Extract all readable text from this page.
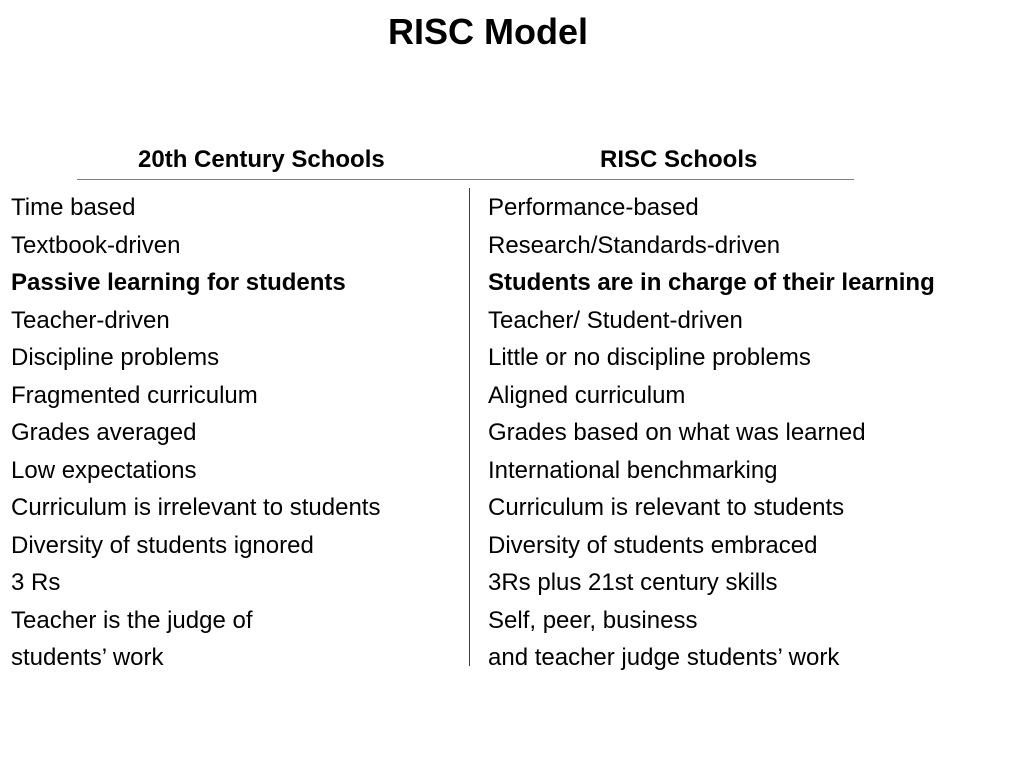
RISC Model
20th Century Schools	RISC Schools
Time based
Textbook-driven
Passive learning for students
Teacher-driven
Discipline problems
Fragmented curriculum
Grades averaged
Low expectations
Curriculum is irrelevant to students
Diversity of students ignored
3 Rs
Teacher is the judge of
students’ work
Performance-based
Research/Standards-driven
Students are in charge of their learning
Teacher/ Student-driven
Little or no discipline problems
Aligned curriculum
Grades based on what was learned
International benchmarking
Curriculum is relevant to students
Diversity of students embraced
3Rs plus 21st century skills
Self, peer, business
and teacher judge students’ work
